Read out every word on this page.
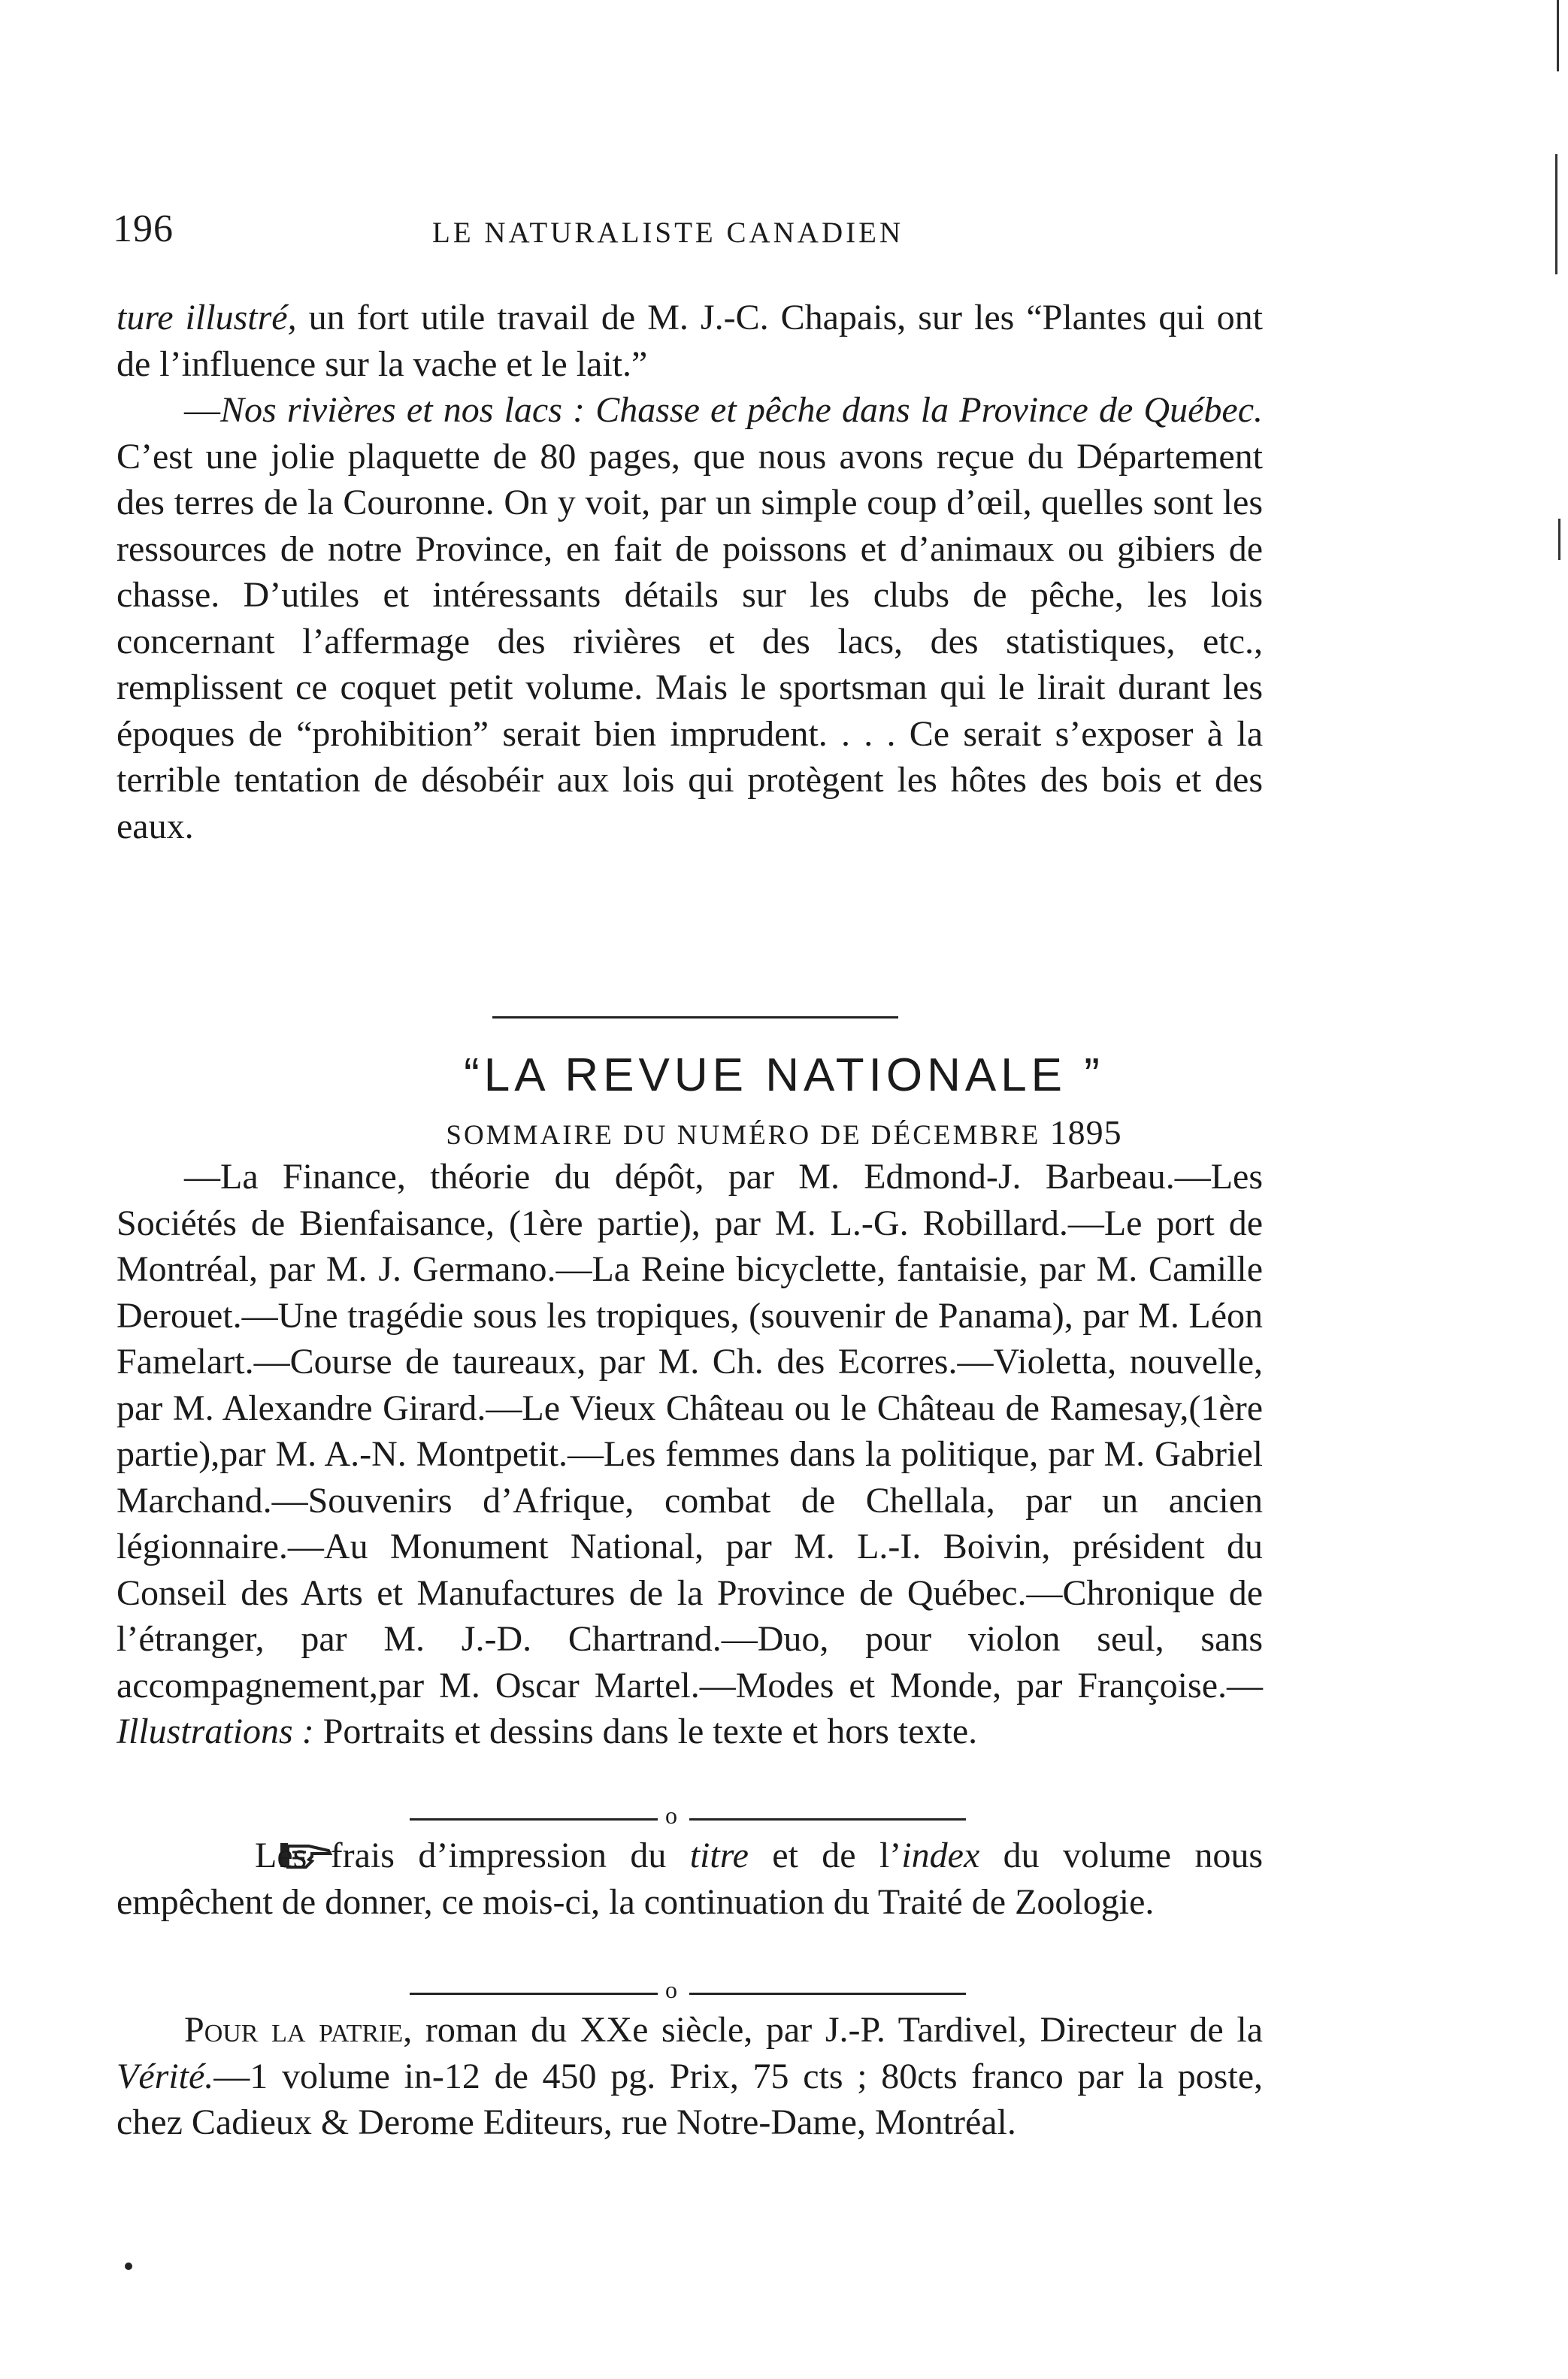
196	LE NATURALISTE CANADIEN

ture illustré, un fort utile travail de M. J.-C. Chapais, sur les “Plantes qui ont de l’influence sur la vache et le lait.”

—Nos rivières et nos lacs : Chasse et pêche dans la Province de Québec. C’est une jolie plaquette de 80 pages, que nous avons reçue du Département des terres de la Couronne. On y voit, par un simple coup d’œil, quelles sont les ressources de notre Province, en fait de poissons et d’animaux ou gibiers de chasse. D’utiles et intéressants détails sur les clubs de pêche, les lois concernant l’affermage des rivières et des lacs, des statistiques, etc., remplissent ce coquet petit volume. Mais le sportsman qui le lirait durant les époques de “prohibition” serait bien imprudent. . . . Ce serait s’exposer à la terrible tentation de désobéir aux lois qui protègent les hôtes des bois et des eaux.

“LA REVUE NATIONALE ”
SOMMAIRE DU NUMÉRO DE DÉCEMBRE 1895

—La Finance, théorie du dépôt, par M. Edmond-J. Barbeau.—Les Sociétés de Bienfaisance, (1ère partie), par M. L.-G. Robillard.—Le port de Montréal, par M. J. Germano.—La Reine bicyclette, fantaisie, par M. Camille Derouet.—Une tragédie sous les tropiques, (souvenir de Panama), par M. Léon Famelart.—Course de taureaux, par M. Ch. des Ecorres.—Violetta, nouvelle, par M. Alexandre Girard.—Le Vieux Château ou le Château de Ramesay,(1ère partie),par M. A.-N. Montpetit.—Les femmes dans la politique, par M. Gabriel Marchand.—Souvenirs d’Afrique, combat de Chellala, par un ancien légionnaire.—Au Monument National, par M. L.-I. Boivin, président du Conseil des Arts et Manufactures de la Province de Québec.—Chronique de l’étranger, par M. J.-D. Chartrand.—Duo, pour violon seul, sans accompagnement,par M. Oscar Martel.—Modes et Monde, par Françoise.—Illustrations : Portraits et dessins dans le texte et hors texte.

o

Les frais d’impression du titre et de l’index du volume nous empêchent de donner, ce mois-ci, la continuation du Traité de Zoologie.

o

Pour la patrie, roman du XXe siècle, par J.-P. Tardivel, Directeur de la Vérité.—1 volume in-12 de 450 pg. Prix, 75 cts ; 80cts franco par la poste, chez Cadieux & Derome Editeurs, rue Notre-Dame, Montréal.
